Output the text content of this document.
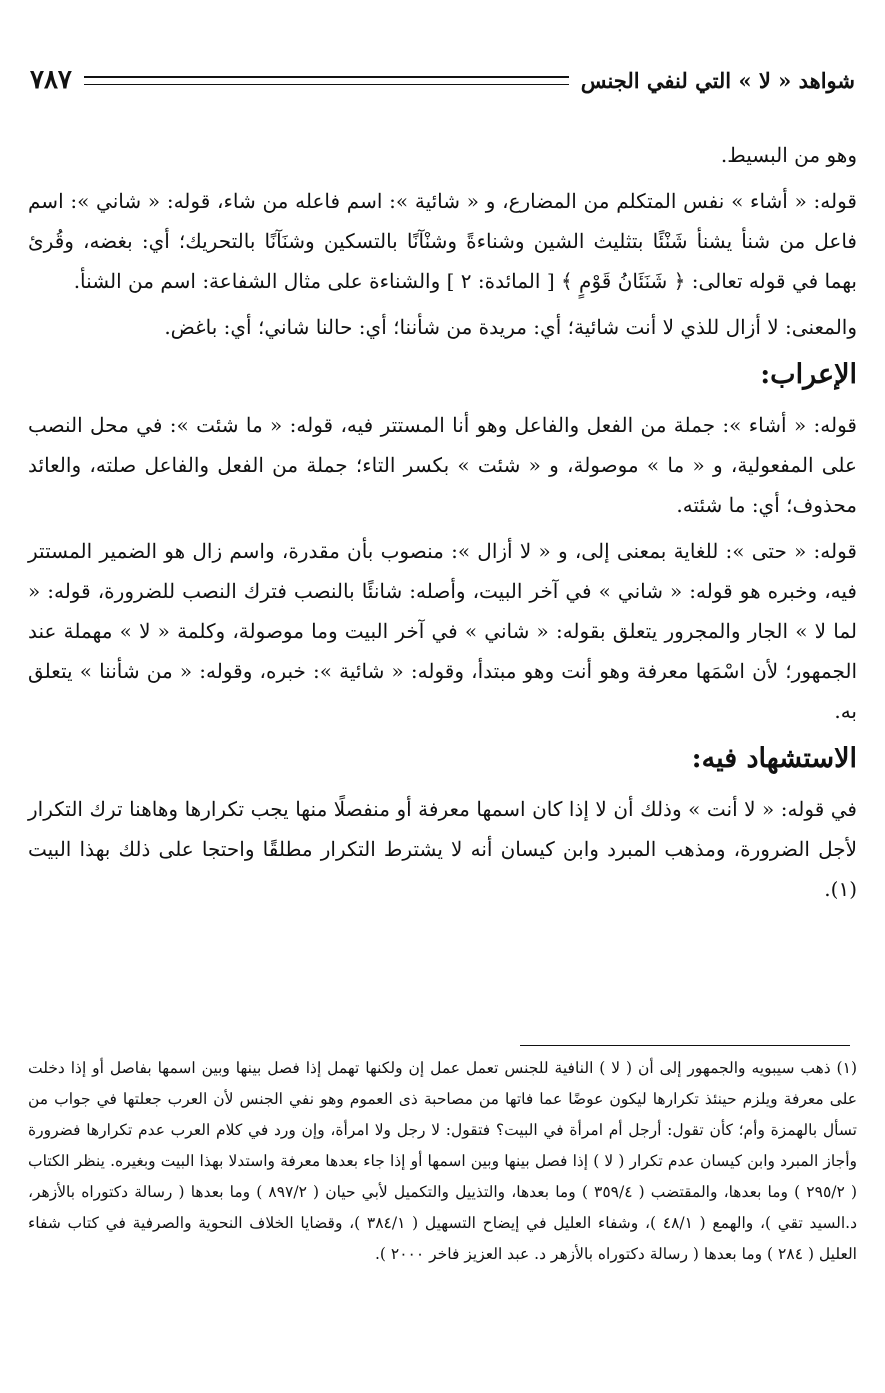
شواهد « لا » التي لنفي الجنس
٧٨٧

وهو من البسيط.

قوله: « أشاء » نفس المتكلم من المضارع، و « شائية »: اسم فاعله من شاء، قوله: « شاني »: اسم فاعل من شنأ يشنأ شَنْئًا بتثليث الشين وشناءةً وشنْآنًا بالتسكين وشنَآنًا بالتحريك؛ أي: بغضه، وقُرئ بهما في قوله تعالى: ﴿ شَنَئَانُ قَوْمٍ ﴾ [ المائدة: ٢ ] والشناءة على مثال الشفاعة: اسم من الشنأ.

والمعنى: لا أزال للذي لا أنت شائية؛ أي: مريدة من شأننا؛ أي: حالنا شاني؛ أي: باغض.

الإعراب:

قوله: « أشاء »: جملة من الفعل والفاعل وهو أنا المستتر فيه، قوله: « ما شئت »: في محل النصب على المفعولية، و « ما » موصولة، و « شئت » بكسر التاء؛ جملة من الفعل والفاعل صلته، والعائد محذوف؛ أي: ما شئته.

قوله: « حتى »: للغاية بمعنى إلى، و « لا أزال »: منصوب بأن مقدرة، واسم زال هو الضمير المستتر فيه، وخبره هو قوله: « شاني » في آخر البيت، وأصله: شانئًا بالنصب فترك النصب للضرورة، قوله: « لما لا » الجار والمجرور يتعلق بقوله: « شاني » في آخر البيت وما موصولة، وكلمة « لا » مهملة عند الجمهور؛ لأن اسْمَها معرفة وهو أنت وهو مبتدأ، وقوله: « شائية »: خبره، وقوله: « من شأننا » يتعلق به.

الاستشهاد فيه:

في قوله: « لا أنت » وذلك أن لا إذا كان اسمها معرفة أو منفصلًا منها يجب تكرارها وهاهنا ترك التكرار لأجل الضرورة، ومذهب المبرد وابن كيسان أنه لا يشترط التكرار مطلقًا واحتجا على ذلك بهذا البيت (١).

(١) ذهب سيبويه والجمهور إلى أن ( لا ) النافية للجنس تعمل عمل إن ولكنها تهمل إذا فصل بينها وبين اسمها بفاصل أو إذا دخلت على معرفة ويلزم حينئذ تكرارها ليكون عوضًا عما فاتها من مصاحبة ذى العموم وهو نفي الجنس لأن العرب جعلتها في جواب من تسأل بالهمزة وأم؛ كأن تقول: أرجل أم امرأة في البيت؟ فتقول: لا رجل ولا امرأة، وإن ورد في كلام العرب عدم تكرارها فضرورة وأجاز المبرد وابن كيسان عدم تكرار ( لا ) إذا فصل بينها وبين اسمها أو إذا جاء بعدها معرفة واستدلا بهذا البيت وبغيره. ينظر الكتاب ( ٢٩٥/٢ ) وما بعدها، والمقتضب ( ٣٥٩/٤ ) وما بعدها، والتذييل والتكميل لأبي حيان ( ٨٩٧/٢ ) وما بعدها ( رسالة دكتوراه بالأزهر، د.السيد تقي )، والهمع ( ٤٨/١ )، وشفاء العليل في إيضاح التسهيل ( ٣٨٤/١ )، وقضايا الخلاف النحوية والصرفية في كتاب شفاء العليل ( ٢٨٤ ) وما بعدها ( رسالة دكتوراه بالأزهر د. عبد العزيز فاخر ٢٠٠٠ ).
